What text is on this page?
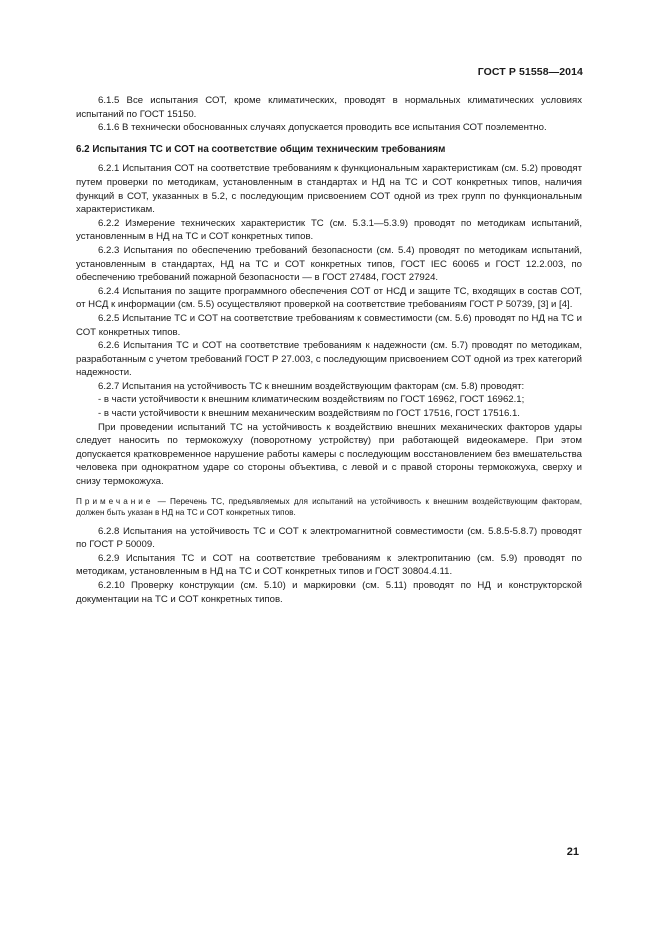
ГОСТ Р 51558—2014

6.1.5 Все испытания СОТ, кроме климатических, проводят в нормальных климатических условиях испытаний по ГОСТ 15150.

6.1.6 В технически обоснованных случаях допускается проводить все испытания СОТ поэлементно.

6.2 Испытания ТС и СОТ на соответствие общим техническим требованиям

6.2.1 Испытания СОТ на соответствие требованиям к функциональным характеристикам (см. 5.2) проводят путем проверки по методикам, установленным в стандартах и НД на ТС и СОТ конкретных типов, наличия функций в СОТ, указанных в 5.2, с последующим присвоением СОТ одной из трех групп по функциональным характеристикам.

6.2.2 Измерение технических характеристик ТС (см. 5.3.1—5.3.9) проводят по методикам испытаний, установленным в НД на ТС и СОТ конкретных типов.

6.2.3 Испытания по обеспечению требований безопасности (см. 5.4) проводят по методикам испытаний, установленным в стандартах, НД на ТС и СОТ конкретных типов, ГОСТ IEC 60065 и ГОСТ 12.2.003, по обеспечению требований пожарной безопасности — в ГОСТ 27484, ГОСТ 27924.

6.2.4 Испытания по защите программного обеспечения СОТ от НСД и защите ТС, входящих в состав СОТ, от НСД к информации (см. 5.5) осуществляют проверкой на соответствие требованиям ГОСТ Р 50739, [3] и [4].

6.2.5 Испытание ТС и СОТ на соответствие требованиям к совместимости (см. 5.6) проводят по НД на ТС и СОТ конкретных типов.

6.2.6 Испытания ТС и СОТ на соответствие требованиям к надежности (см. 5.7) проводят по методикам, разработанным с учетом требований ГОСТ Р 27.003, с последующим присвоением СОТ одной из трех категорий надежности.

6.2.7 Испытания на устойчивость ТС к внешним воздействующим факторам (см. 5.8) проводят:

- в части устойчивости к внешним климатическим воздействиям по ГОСТ 16962, ГОСТ 16962.1;

- в части устойчивости к внешним механическим воздействиям по ГОСТ 17516, ГОСТ 17516.1.

При проведении испытаний ТС на устойчивость к воздействию внешних механических факторов удары следует наносить по термокожуху (поворотному устройству) при работающей видеокамере. При этом допускается кратковременное нарушение работы камеры с последующим восстановлением без вмешательства человека при однократном ударе со стороны объектива, с левой и с правой стороны термокожуха, сверху и снизу термокожуха.

Примечание — Перечень ТС, предъявляемых для испытаний на устойчивость к внешним воздействующим факторам, должен быть указан в НД на ТС и СОТ конкретных типов.

6.2.8 Испытания на устойчивость ТС и СОТ к электромагнитной совместимости (см. 5.8.5-5.8.7) проводят по ГОСТ Р 50009.

6.2.9 Испытания ТС и СОТ на соответствие требованиям к электропитанию (см. 5.9) проводят по методикам, установленным в НД на ТС и СОТ конкретных типов и ГОСТ 30804.4.11.

6.2.10 Проверку конструкции (см. 5.10) и маркировки (см. 5.11) проводят по НД и конструкторской документации на ТС и СОТ конкретных типов.

21
